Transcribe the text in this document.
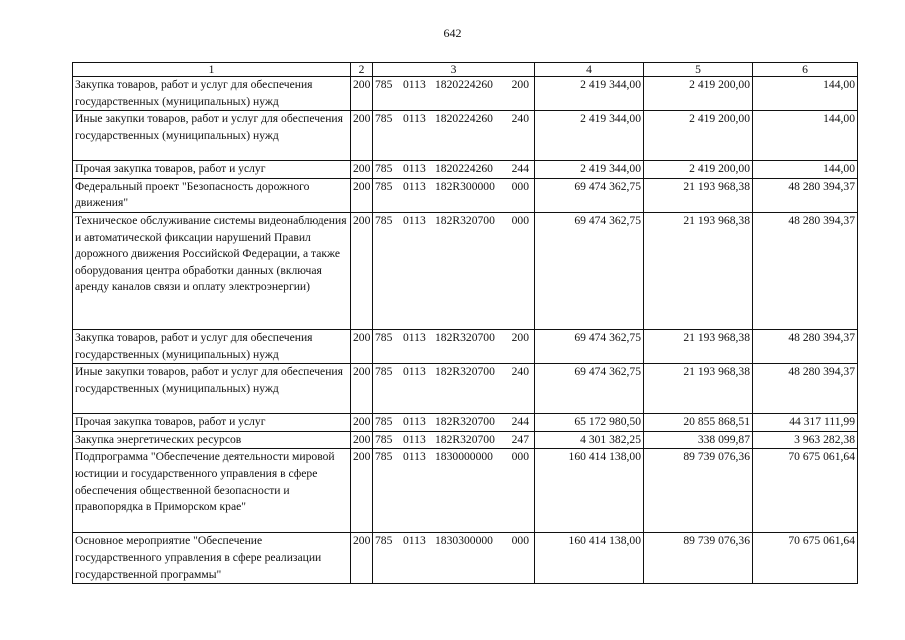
642
1	2	3	4	5	6
Закупка товаров, работ и услуг для обеспечения государственных (муниципальных) нужд	200	785 0113 1820224260 200	2 419 344,00	2 419 200,00	144,00
Иные закупки товаров, работ и услуг для обеспечения государственных (муниципальных) нужд	200	785 0113 1820224260 240	2 419 344,00	2 419 200,00	144,00
Прочая закупка товаров, работ и услуг	200	785 0113 1820224260 244	2 419 344,00	2 419 200,00	144,00
Федеральный проект "Безопасность дорожного движения"	200	785 0113 182R300000 000	69 474 362,75	21 193 968,38	48 280 394,37
Техническое обслуживание системы видеонаблюдения и автоматической фиксации нарушений Правил дорожного движения Российской Федерации, а также оборудования центра обработки данных (включая аренду каналов связи и оплату электроэнергии)	200	785 0113 182R320700 000	69 474 362,75	21 193 968,38	48 280 394,37
Закупка товаров, работ и услуг для обеспечения государственных (муниципальных) нужд	200	785 0113 182R320700 200	69 474 362,75	21 193 968,38	48 280 394,37
Иные закупки товаров, работ и услуг для обеспечения государственных (муниципальных) нужд	200	785 0113 182R320700 240	69 474 362,75	21 193 968,38	48 280 394,37
Прочая закупка товаров, работ и услуг	200	785 0113 182R320700 244	65 172 980,50	20 855 868,51	44 317 111,99
Закупка энергетических ресурсов	200	785 0113 182R320700 247	4 301 382,25	338 099,87	3 963 282,38
Подпрограмма "Обеспечение деятельности мировой юстиции и государственного управления в сфере обеспечения общественной безопасности и правопорядка в Приморском крае"	200	785 0113 1830000000 000	160 414 138,00	89 739 076,36	70 675 061,64
Основное мероприятие "Обеспечение государственного управления в сфере реализации государственной программы"	200	785 0113 1830300000 000	160 414 138,00	89 739 076,36	70 675 061,64
